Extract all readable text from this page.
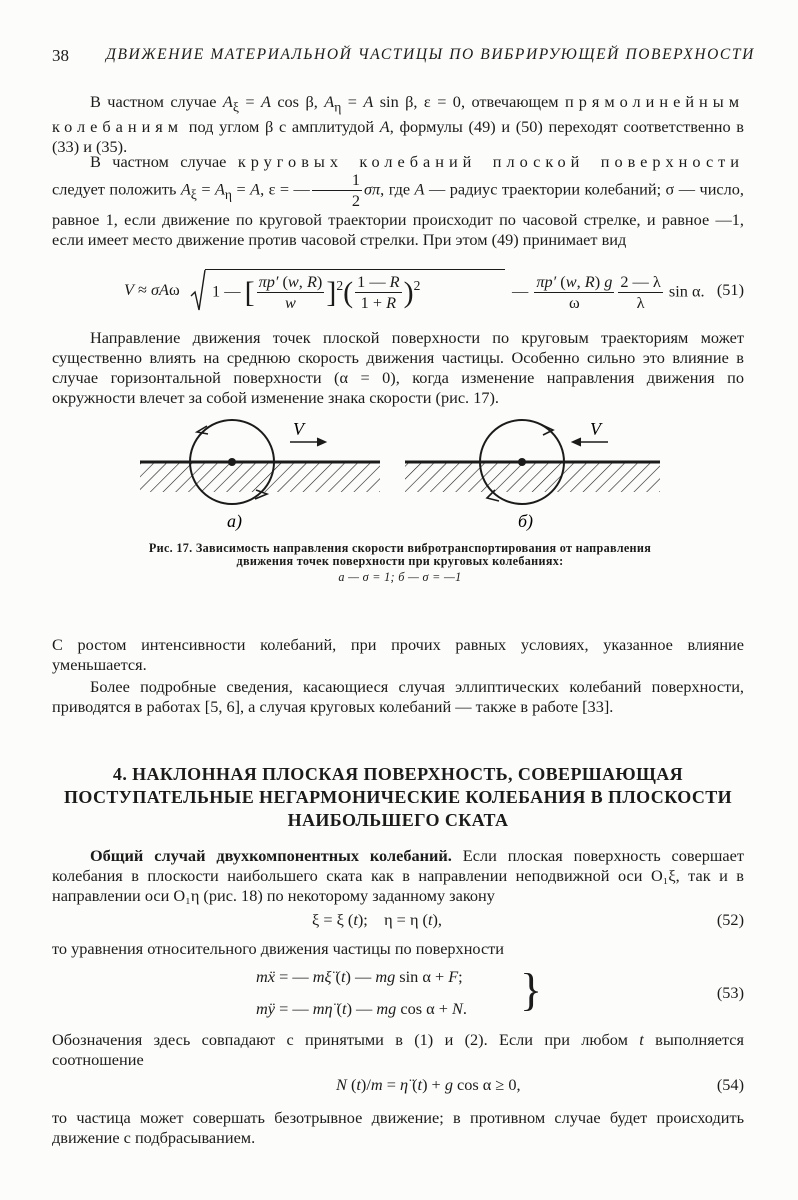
38 ДВИЖЕНИЕ МАТЕРИАЛЬНОЙ ЧАСТИЦЫ ПО ВИБРИРУЮЩЕЙ ПОВЕРХНОСТИ

В частном случае $A_\xi = A$ cos β, $A_\eta = A$ sin β, ε = 0, отвечающем прямолинейным колебаниям под углом β с амплитудой A, формулы (49) и (50) переходят соответственно в (33) и (35).

В частном случае круговых колебаний плоской поверхности следует положить $A_\xi = A_\eta = A$, ε = — $\frac{1}{2} \sigma\pi$, где A — радиус траектории колебаний; σ — число, равное 1, если движение по круговой траектории происходит по часовой стрелке, и равное —1, если имеет место движение против часовой стрелки. При этом (49) принимает вид

V ≈ σAω 1 — [ $\frac{\pi p' (w, R)}{w} ]^2( \frac{1 — R}{1 + R} )^2$	— $\frac{\pi p' (w, R) g}{\omega} \frac{2 — \lambda}{\lambda}$ sin α. (51)

Направление движения точек плоской поверхности по круговым траекториям может существенно влиять на среднюю скорость движения частицы. Особенно сильно это влияние в случае горизонтальной поверхности (α = 0), когда изменение направления движения по окружности влечет за собой изменение знака скорости (рис. 17).

V	V
а)	б)
Рис. 17. Зависимость направления скорости вибротранспортирования от направления движения точек поверхности при круговых колебаниях:
а — σ = 1; б — σ = —1

С ростом интенсивности колебаний, при прочих равных условиях, указанное влияние уменьшается.

Более подробные сведения, касающиеся случая эллиптических колебаний поверхности, приводятся в работах [5, 6], а случая круговых колебаний — также в работе [33].

4. НАКЛОННАЯ ПЛОСКАЯ ПОВЕРХНОСТЬ, СОВЕРШАЮЩАЯ
ПОСТУПАТЕЛЬНЫЕ НЕГАРМОНИЧЕСКИЕ КОЛЕБАНИЯ В ПЛОСКОСТИ
НАИБОЛЬШЕГО СКАТА

Общий случай двухкомпонентных колебаний. Если плоская поверхность совершает колебания в плоскости наибольшего ската как в направлении неподвижной оси O₁ξ, так и в направлении оси O₁η (рис. 18) по некоторому заданному закону

ξ = ξ (t);    η = η (t),	(52)

то уравнения относительного движения частицы по поверхности

mẍ = — mξ̈ (t) — mg sin α + F;
mÿ = — mη̈ (t) — mg cos α + N. }	(53)

Обозначения здесь совпадают с принятыми в (1) и (2). Если при любом t выполняется соотношение

N (t)/m = η̈ (t) + g cos α ≥ 0,	(54)

то частица может совершать безотрывное движение; в противном случае будет происходить движение с подбрасыванием.
